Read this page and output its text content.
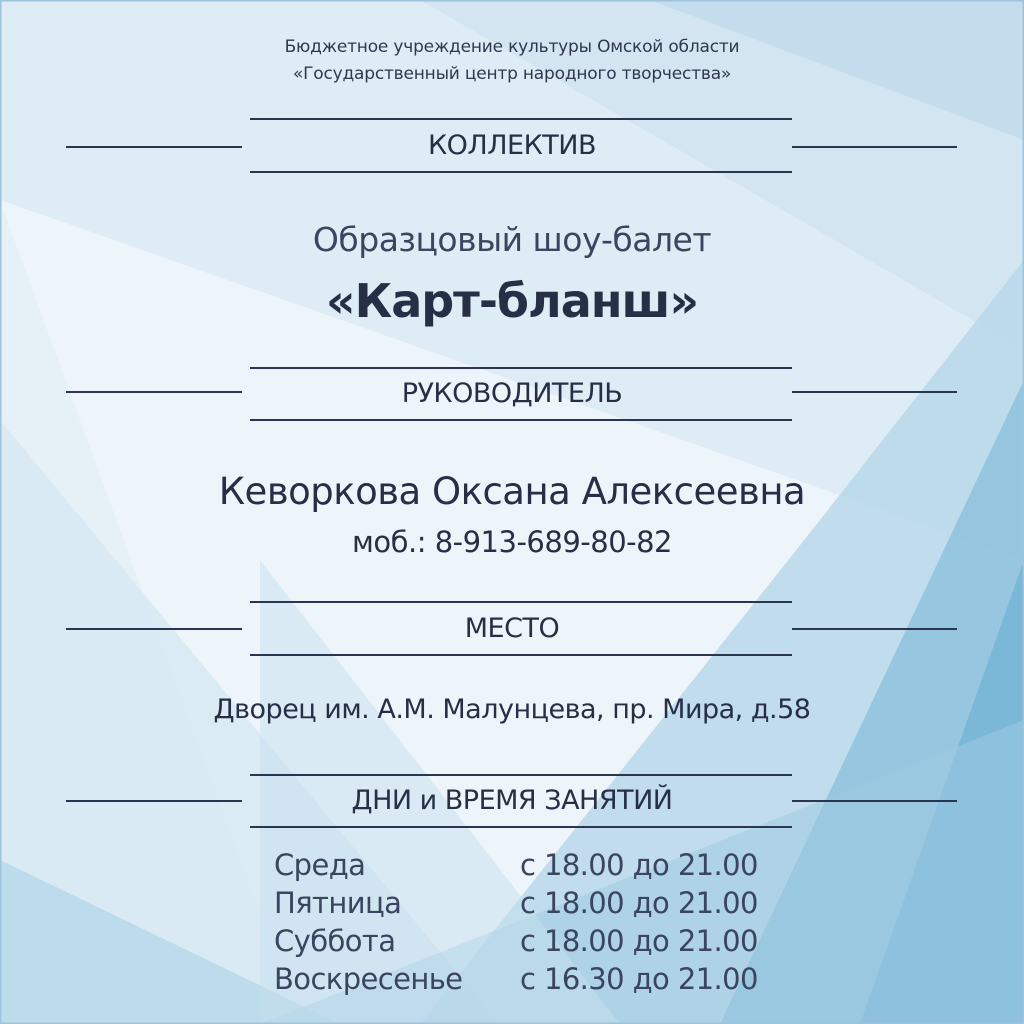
Бюджетное учреждение культуры Омской области
«Государственный центр народного творчества»
КОЛЛЕКТИВ
Образцовый шоу-балет
«Карт-бланш»
РУКОВОДИТЕЛЬ
Кеворкова Оксана Алексеевна
моб.: 8-913-689-80-82
МЕСТО
Дворец им. А.М. Малунцева, пр. Мира, д.58
ДНИ и ВРЕМЯ ЗАНЯТИЙ
Среда	с 18.00 до 21.00
Пятница	с 18.00 до 21.00
Суббота	с 18.00 до 21.00
Воскресенье с 16.30 до 21.00
